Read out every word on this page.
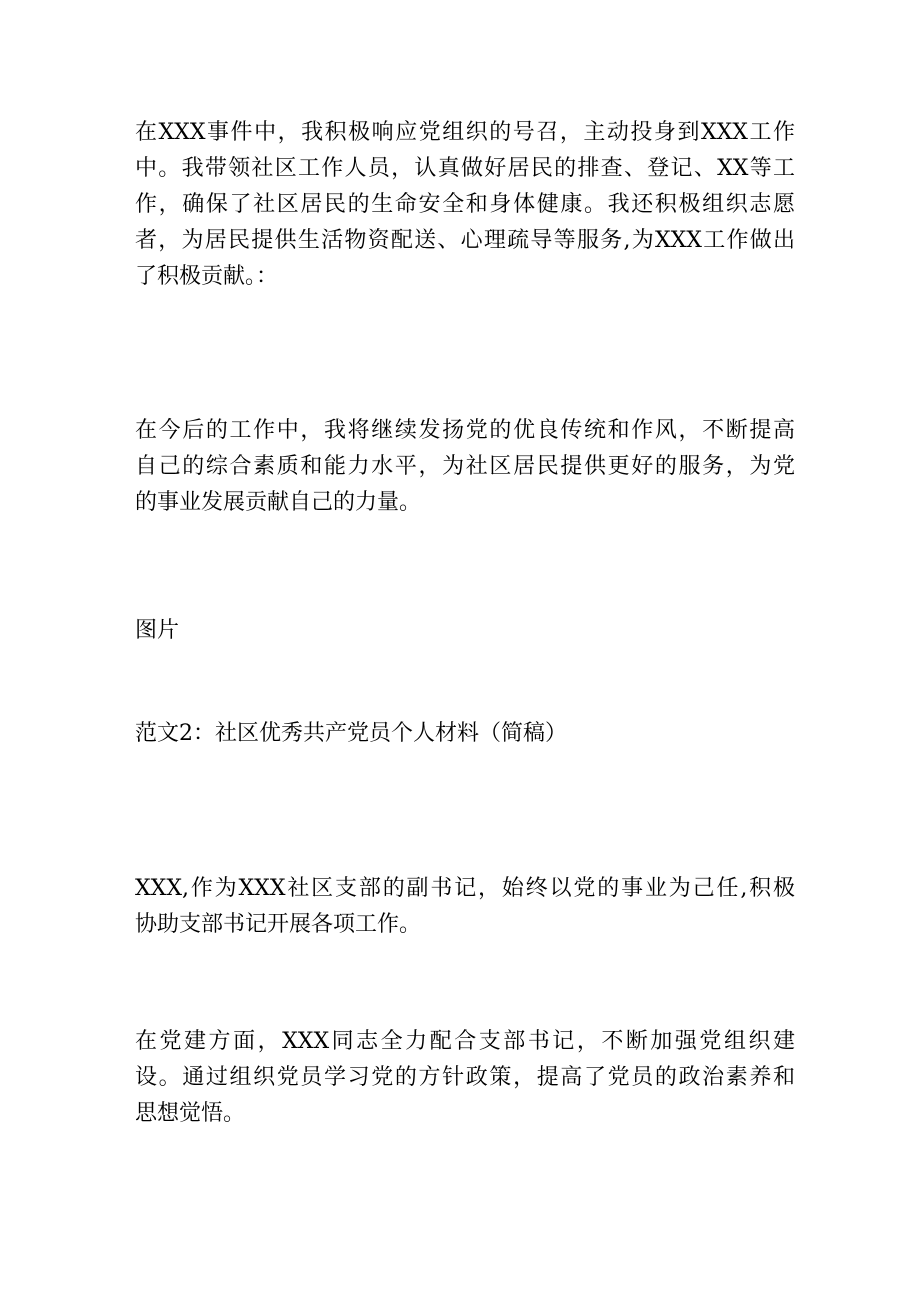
在XXX事件中，我积极响应党组织的号召，主动投身到XXX工作
中。我带领社区工作人员，认真做好居民的排查、登记、XX等工
作，确保了社区居民的生命安全和身体健康。我还积极组织志愿
者，为居民提供生活物资配送、心理疏导等服务,为XXX工作做出
了积极贡献。：
在今后的工作中，我将继续发扬党的优良传统和作风，不断提高
自己的综合素质和能力水平，为社区居民提供更好的服务，为党
的事业发展贡献自己的力量。
图片
范文2：社区优秀共产党员个人材料（简稿）
XXX,作为XXX社区支部的副书记，始终以党的事业为己任,积极
协助支部书记开展各项工作。
在党建方面，XXX同志全力配合支部书记，不断加强党组织建
设。通过组织党员学习党的方针政策，提高了党员的政治素养和
思想觉悟。
